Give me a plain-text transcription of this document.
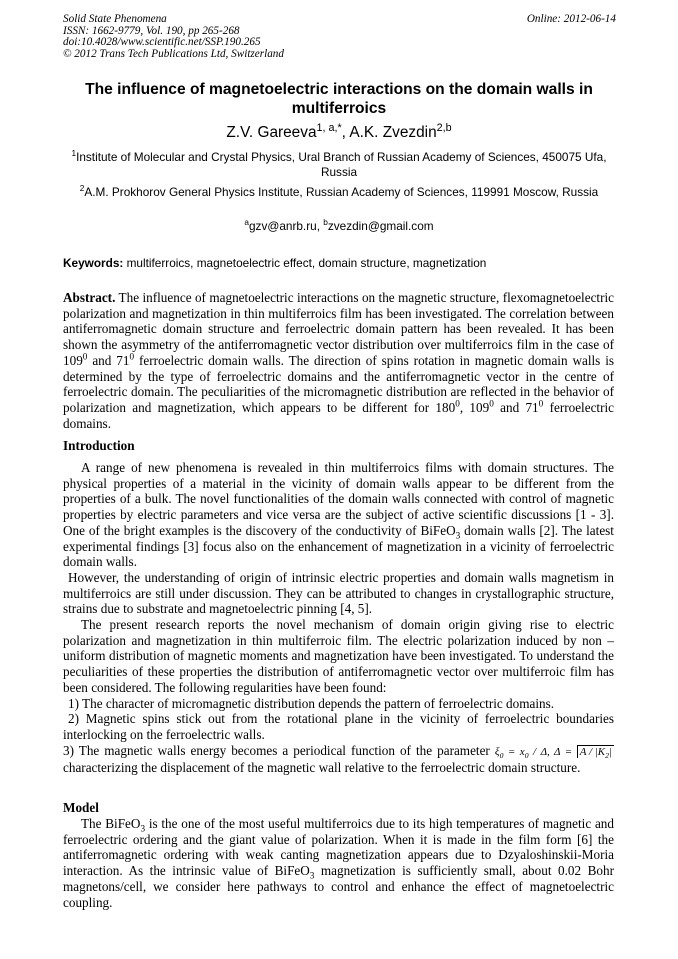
Solid State Phenomena
ISSN: 1662-9779, Vol. 190, pp 265-268
doi:10.4028/www.scientific.net/SSP.190.265
© 2012 Trans Tech Publications Ltd, Switzerland
Online: 2012-06-14
The influence of magnetoelectric interactions on the domain walls in multiferroics
Z.V. Gareeva$^{1, a,*}$, A.K. Zvezdin$^{2,b}$
$^1$Institute of Molecular and Crystal Physics, Ural Branch of Russian Academy of Sciences, 450075 Ufa, Russia
$^2$A.M. Prokhorov General Physics Institute, Russian Academy of Sciences, 119991 Moscow, Russia
$^a$gzv@anrb.ru, $^b$zvezdin@gmail.com
Keywords: multiferroics, magnetoelectric effect, domain structure, magnetization

Abstract. The influence of magnetoelectric interactions on the magnetic structure, flexomagnetoelectric polarization and magnetization in thin multiferroics film has been investigated. The correlation between antiferromagnetic domain structure and ferroelectric domain pattern has been revealed. It has been shown the asymmetry of the antiferromagnetic vector distribution over multiferroics film in the case of $109^0$ and $71^0$ ferroelectric domain walls. The direction of spins rotation in magnetic domain walls is determined by the type of ferroelectric domains and the antiferromagnetic vector in the centre of ferroelectric domain. The peculiarities of the micromagnetic distribution are reflected in the behavior of polarization and magnetization, which appears to be different for $180^0$, $109^0$ and $71^0$ ferroelectric domains.

Introduction

A range of new phenomena is revealed in thin multiferroics films with domain structures. The physical properties of a material in the vicinity of domain walls appear to be different from the properties of a bulk. The novel functionalities of the domain walls connected with control of magnetic properties by electric parameters and vice versa are the subject of active scientific discussions [1 - 3]. One of the bright examples is the discovery of the conductivity of BiFeO$_3$ domain walls [2]. The latest experimental findings [3] focus also on the enhancement of magnetization in a vicinity of ferroelectric domain walls.

However, the understanding of origin of intrinsic electric properties and domain walls magnetism in multiferroics are still under discussion. They can be attributed to changes in crystallographic structure, strains due to substrate and magnetoelectric pinning [4, 5].

The present research reports the novel mechanism of domain origin giving rise to electric polarization and magnetization in thin multiferroic film. The electric polarization induced by non – uniform distribution of magnetic moments and magnetization have been investigated. To understand the peculiarities of these properties the distribution of antiferromagnetic vector over multiferroic film has been considered. The following regularities have been found:

1) The character of micromagnetic distribution depends the pattern of ferroelectric domains.

2) Magnetic spins stick out from the rotational plane in the vicinity of ferroelectric boundaries interlocking on the ferroelectric walls.

3) The magnetic walls energy becomes a periodical function of the parameter $\xi_0 = x_0 / \Delta$, $\Delta = A / |K_2|$ characterizing the displacement of the magnetic wall relative to the ferroelectric domain structure.

Model

The BiFeO$_3$ is the one of the most useful multiferroics due to its high temperatures of magnetic and ferroelectric ordering and the giant value of polarization. When it is made in the film form [6] the antiferromagnetic ordering with weak canting magnetization appears due to Dzyaloshinskii-Moria interaction. As the intrinsic value of BiFeO$_3$ magnetization is sufficiently small, about 0.02 Bohr magnetons/cell, we consider here pathways to control and enhance the effect of magnetoelectric coupling.
